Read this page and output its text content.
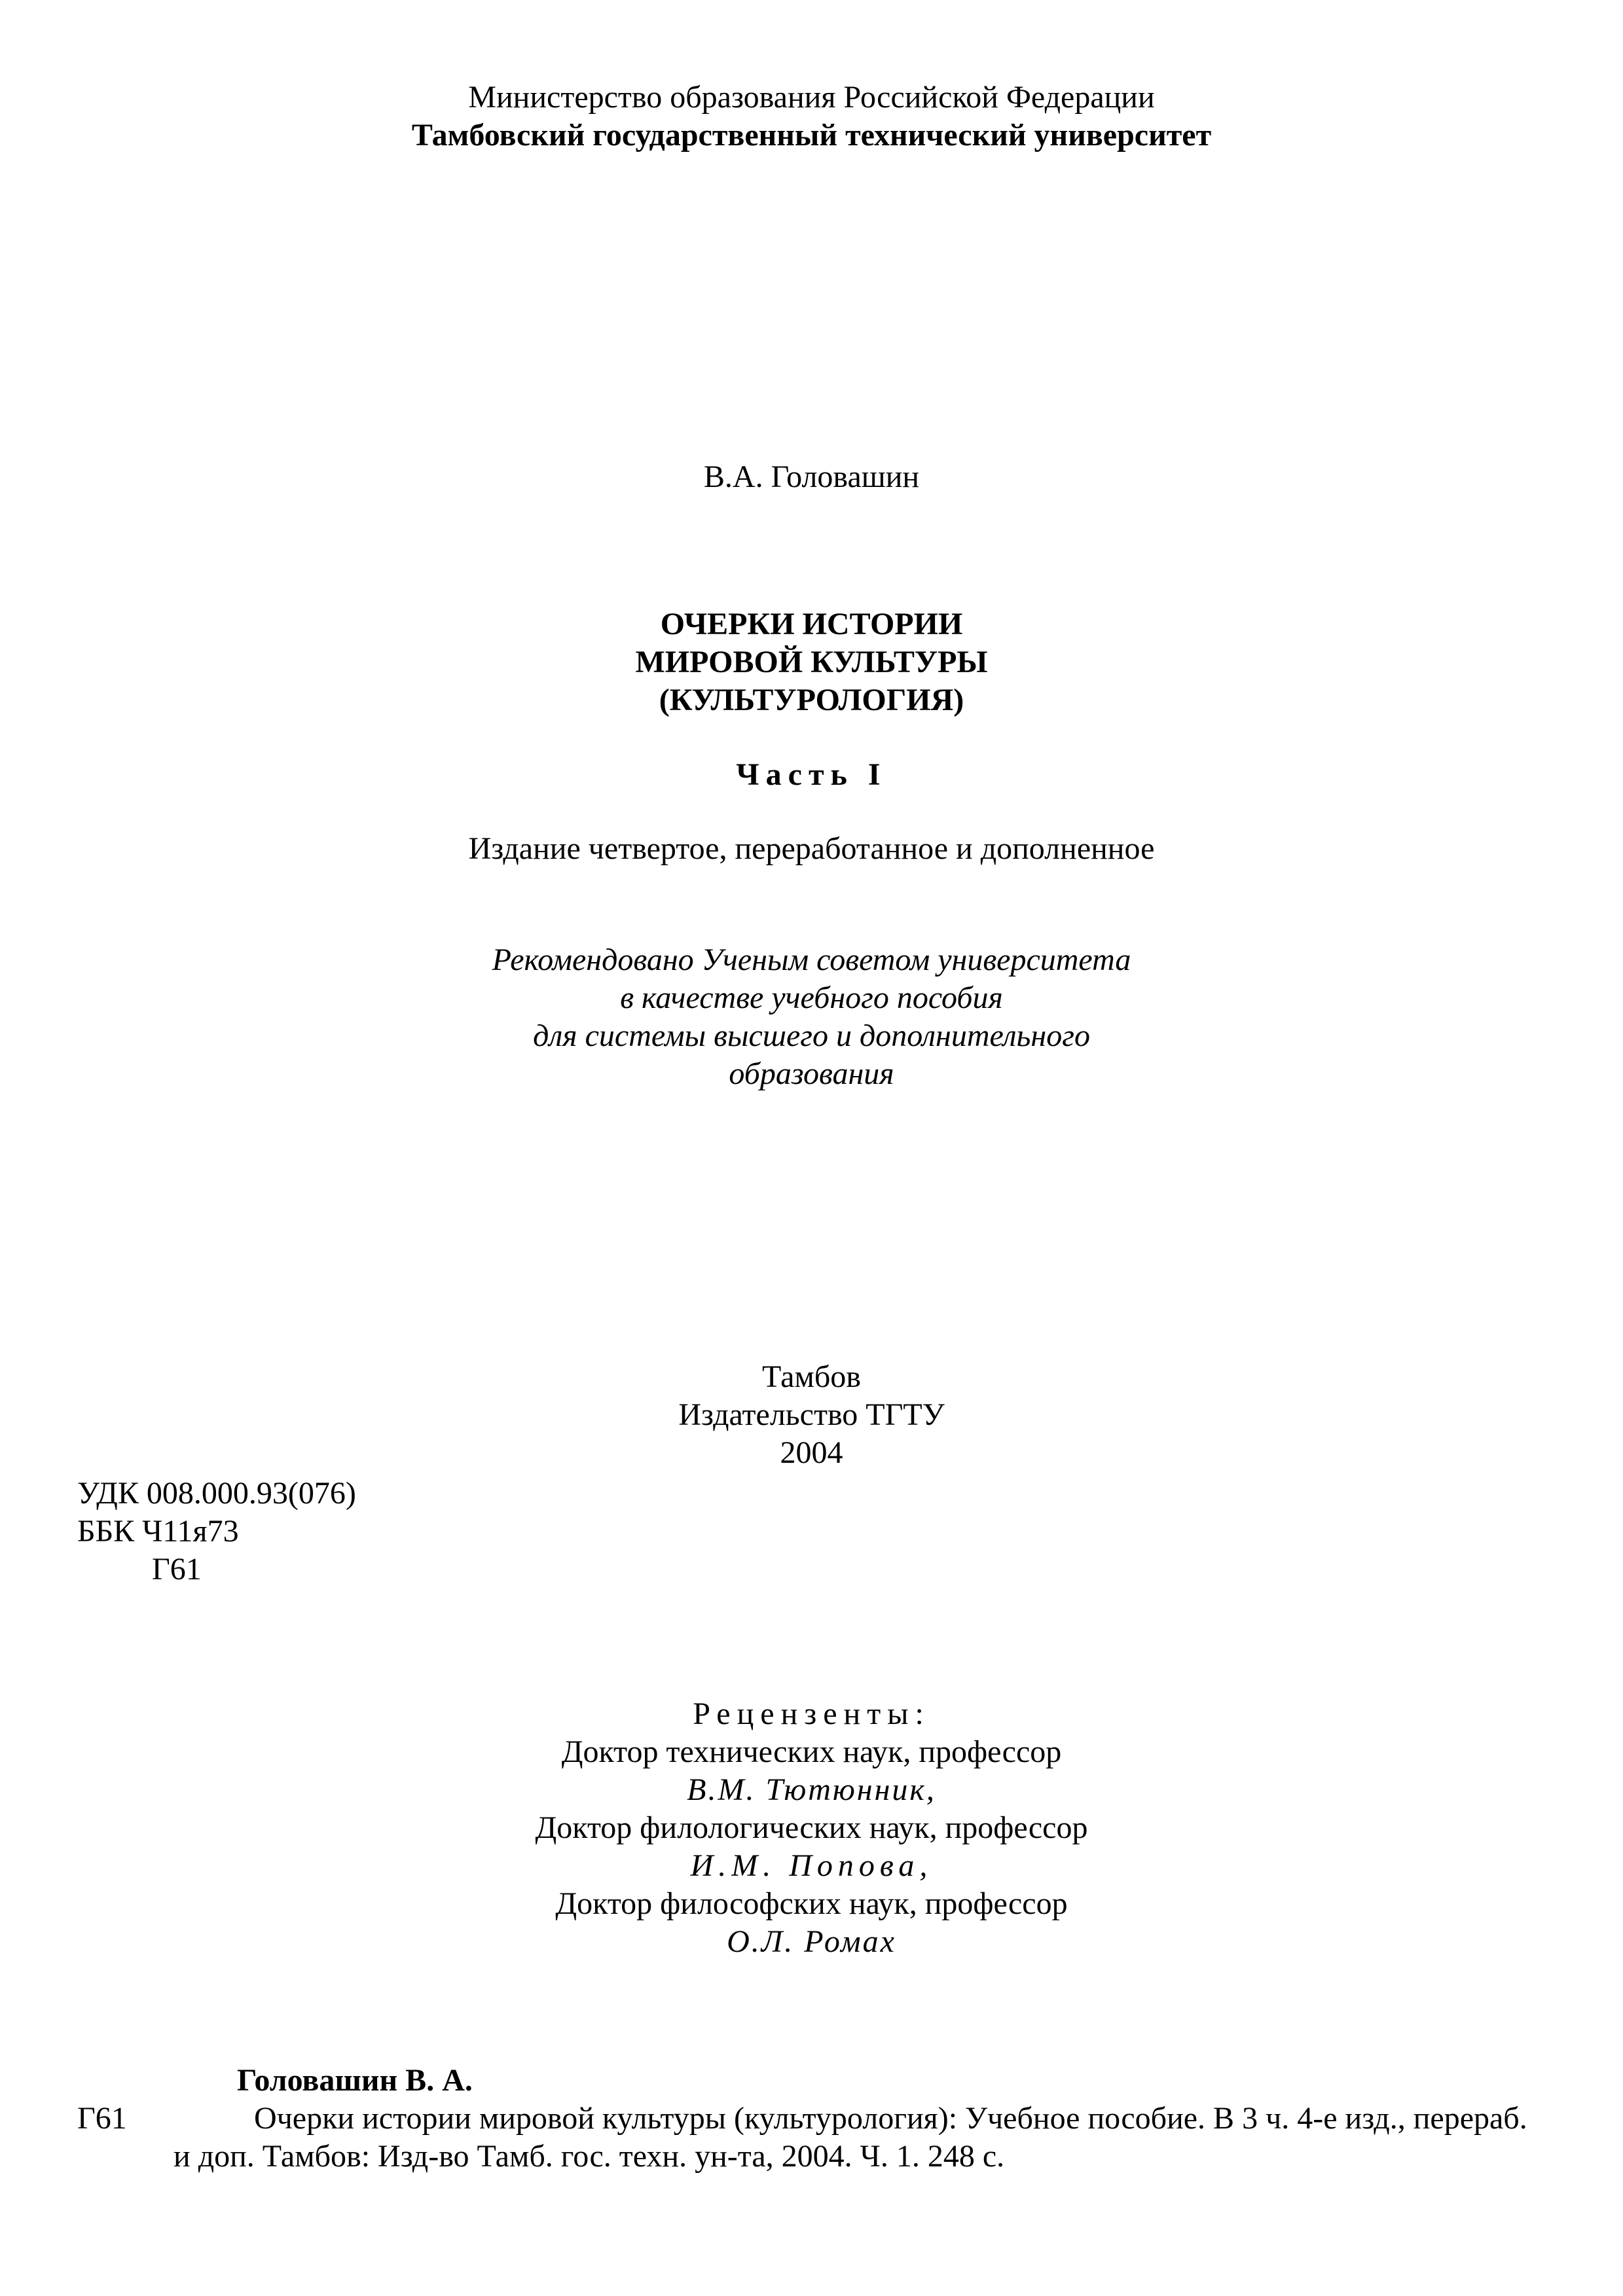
Министерство образования Российской Федерации
Тамбовский государственный технический университет
В.А. Головашин
ОЧЕРКИ ИСТОРИИ
МИРОВОЙ КУЛЬТУРЫ
(КУЛЬТУРОЛОГИЯ)
Часть I
Издание четвертое, переработанное и дополненное
Рекомендовано Ученым советом университета
в качестве учебного пособия
для системы высшего и дополнительного
образования
Тамбов
Издательство ТГТУ
2004
УДК 008.000.93(076)
ББК Ч11я73
Г61
Рецензенты:
Доктор технических наук, профессор
В.М. Тютюнник,
Доктор филологических наук, профессор
И.М. Попова,
Доктор философских наук, профессор
О.Л. Ромах
Головашин В. А.
Г61	Очерки истории мировой культуры (культурология): Учебное пособие. В 3 ч. 4-е изд., перераб.
и доп. Тамбов: Изд-во Тамб. гос. техн. ун-та, 2004. Ч. 1. 248 с.
